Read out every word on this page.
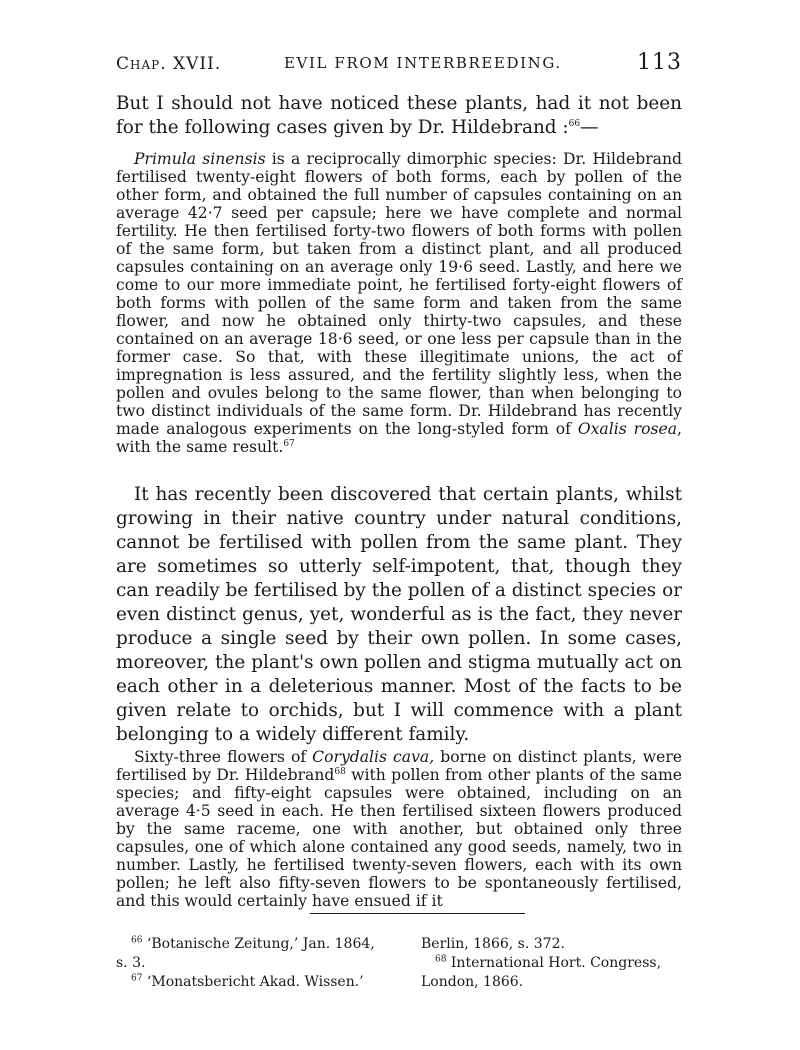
Chap. XVII.	EVIL FROM INTERBREEDING.	113

But I should not have noticed these plants, had it not been for the following cases given by Dr. Hildebrand :$^{66}$—

Primula sinensis is a reciprocally dimorphic species: Dr. Hildebrand fertilised twenty-eight flowers of both forms, each by pollen of the other form, and obtained the full number of capsules containing on an average 42·7 seed per capsule; here we have complete and normal fertility. He then fertilised forty-two flowers of both forms with pollen of the same form, but taken from a distinct plant, and all produced capsules containing on an average only 19·6 seed. Lastly, and here we come to our more immediate point, he fertilised forty-eight flowers of both forms with pollen of the same form and taken from the same flower, and now he obtained only thirty-two capsules, and these contained on an average 18·6 seed, or one less per capsule than in the former case. So that, with these illegitimate unions, the act of impregnation is less assured, and the fertility slightly less, when the pollen and ovules belong to the same flower, than when belonging to two distinct individuals of the same form. Dr. Hildebrand has recently made analogous experiments on the long-styled form of Oxalis rosea, with the same result.$^{67}$

It has recently been discovered that certain plants, whilst growing in their native country under natural conditions, cannot be fertilised with pollen from the same plant. They are sometimes so utterly self-impotent, that, though they can readily be fertilised by the pollen of a distinct species or even distinct genus, yet, wonderful as is the fact, they never produce a single seed by their own pollen. In some cases, moreover, the plant's own pollen and stigma mutually act on each other in a deleterious manner. Most of the facts to be given relate to orchids, but I will commence with a plant belonging to a widely different family.

Sixty-three flowers of Corydalis cava, borne on distinct plants, were fertilised by Dr. Hildebrand$^{68}$ with pollen from other plants of the same species; and fifty-eight capsules were obtained, including on an average 4·5 seed in each. He then fertilised sixteen flowers produced by the same raceme, one with another, but obtained only three capsules, one of which alone contained any good seeds, namely, two in number. Lastly, he fertilised twenty-seven flowers, each with its own pollen; he left also fifty-seven flowers to be spontaneously fertilised, and this would certainly have ensued if it

$^{66}$ ‘Botanische Zeitung,’ Jan. 1864,
s. 3.
$^{67}$ ‘Monatsbericht Akad. Wissen.’
Berlin, 1866, s. 372.
$^{68}$ International Hort. Congress,
London, 1866.
